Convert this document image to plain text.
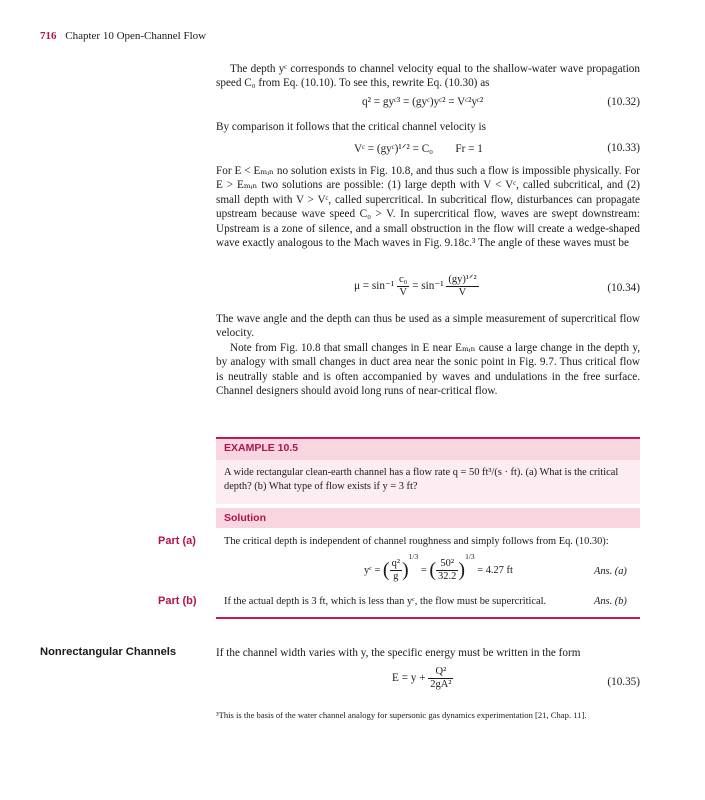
716 Chapter 10 Open-Channel Flow
The depth yᶜ corresponds to channel velocity equal to the shallow-water wave propagation speed C₀ from Eq. (10.10). To see this, rewrite Eq. (10.30) as
q² = gyᶜ³ = (gyᶜ)yᶜ² = Vᶜ²yᶜ²	(10.32)
By comparison it follows that the critical channel velocity is
Vᶜ = (gyᶜ)¹ᐟ² = C₀        Fr = 1	(10.33)
For E < Eₘᵢₙ no solution exists in Fig. 10.8, and thus such a flow is impossible physically. For E > Eₘᵢₙ two solutions are possible: (1) large depth with V < Vᶜ, called subcritical, and (2) small depth with V > Vᶜ, called supercritical. In subcritical flow, disturbances can propagate upstream because wave speed C₀ > V. In supercritical flow, waves are swept downstream: Upstream is a zone of silence, and a small obstruction in the flow will create a wedge-shaped wave exactly analogous to the Mach waves in Fig. 9.18c.³ The angle of these waves must be
$\mu = \sin^{-1} \frac{\text{c₀}}{V} = \sin^{-1} \frac{\text{(gy)¹ᐟ²}}{V}$	(10.34)
The wave angle and the depth can thus be used as a simple measurement of supercritical flow velocity.
Note from Fig. 10.8 that small changes in E near Eₘᵢₙ cause a large change in the depth y, by analogy with small changes in duct area near the sonic point in Fig. 9.7. Thus critical flow is neutrally stable and is often accompanied by waves and undulations in the free surface. Channel designers should avoid long runs of near-critical flow.
EXAMPLE 10.5
A wide rectangular clean-earth channel has a flow rate q = 50 ft³/(s · ft). (a) What is the critical depth? (b) What type of flow exists if y = 3 ft?
Solution
Part (a)	The critical depth is independent of channel roughness and simply follows from Eq. (10.30):
yᶜ = ( $\frac{\text{q²}}{g} )^{1/3}$ = ( $\frac{\text{50²}}{32.2} )^{1/3} = 4.27$ ft	Ans. (a)
Part (b)	If the actual depth is 3 ft, which is less than yᶜ, the flow must be supercritical.	Ans. (b)
Nonrectangular Channels	If the channel width varies with y, the specific energy must be written in the form
$E = y + \frac{\text{Q²}}{\text{2gA²}}$	(10.35)
³This is the basis of the water channel analogy for supersonic gas dynamics experimentation [21, Chap. 11].
